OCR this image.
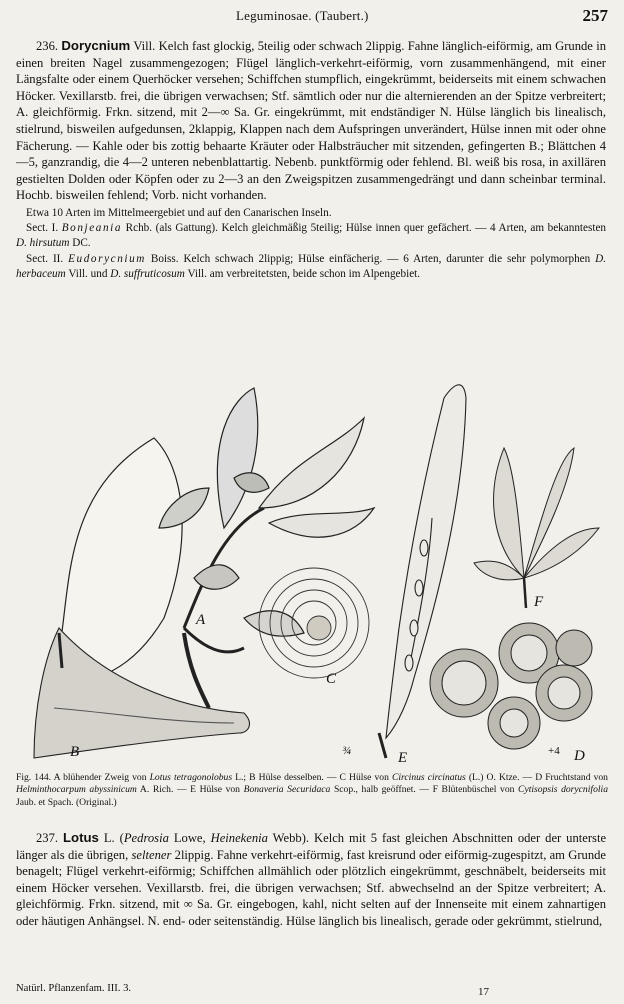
Leguminosae. (Taubert.)	257

236. Dorycnium Vill. Kelch fast glockig, 5teilig oder schwach 2lippig. Fahne länglich-eiförmig, am Grunde in einen breiten Nagel zusammengezogen; Flügel länglich-verkehrt-eiförmig, vorn zusammenhängend, mit einer Längsfalte oder einem Querhöcker versehen; Schiffchen stumpflich, eingekrümmt, beiderseits mit einem schwachen Höcker. Vexillarstb. frei, die übrigen verwachsen; Stf. sämtlich oder nur die alternierenden an der Spitze verbreitert; A. gleichförmig. Frkn. sitzend, mit 2—∞ Sa. Gr. eingekrümmt, mit endständiger N. Hülse länglich bis linealisch, stielrund, bisweilen aufgedunsen, 2klappig, Klappen nach dem Aufspringen unverändert, Hülse innen mit oder ohne Fächerung. — Kahle oder bis zottig behaarte Kräuter oder Halbsträucher mit sitzenden, gefingerten B.; Blättchen 4—5, ganzrandig, die 4—2 unteren nebenblattartig. Nebenb. punktförmig oder fehlend. Bl. weiß bis rosa, in axillären gestielten Dolden oder Köpfen oder zu 2—3 an den Zweigspitzen zusammengedrängt und dann scheinbar terminal. Hochb. bisweilen fehlend; Vorb. nicht vorhanden.

Etwa 10 Arten im Mittelmeergebiet und auf den Canarischen Inseln.

Sect. I. Bonjeania Rchb. (als Gattung). Kelch gleichmäßig 5teilig; Hülse innen quer gefächert. — 4 Arten, am bekanntesten D. hirsutum DC.

Sect. II. Eudorycnium Boiss. Kelch schwach 2lippig; Hülse einfächerig. — 6 Arten, darunter die sehr polymorphen D. herbaceum Vill. und D. suffruticosum Vill. am verbreitetsten, beide schon im Alpengebiet.

A
C
E
¾
F
B	D
+4
Fig. 144. A blühender Zweig von Lotus tetragonolobus L.; B Hülse desselben. — C Hülse von Circinus circinatus (L.) O. Ktze. — D Fruchtstand von Helminthocarpum abyssinicum A. Rich. — E Hülse von Bonaveria Securidaca Scop., halb geöffnet. — F Blütenbüschel von Cytisopsis dorycnifolia Jaub. et Spach. (Original.)

237. Lotus L. (Pedrosia Lowe, Heinekenia Webb). Kelch mit 5 fast gleichen Abschnitten oder der unterste länger als die übrigen, seltener 2lippig. Fahne verkehrt-eiförmig, fast kreisrund oder eiförmig-zugespitzt, am Grunde benagelt; Flügel verkehrt-eiförmig; Schiffchen allmählich oder plötzlich eingekrümmt, geschnäbelt, beiderseits mit einem Höcker versehen. Vexillarstb. frei, die übrigen verwachsen; Stf. abwechselnd an der Spitze verbreitert; A. gleichförmig. Frkn. sitzend, mit ∞ Sa. Gr. eingebogen, kahl, nicht selten auf der Innenseite mit einem zahnartigen oder häutigen Anhängsel. N. end- oder seitenständig. Hülse länglich bis linealisch, gerade oder gekrümmt, stielrund,

Natürl. Pflanzenfam. III. 3.	17
